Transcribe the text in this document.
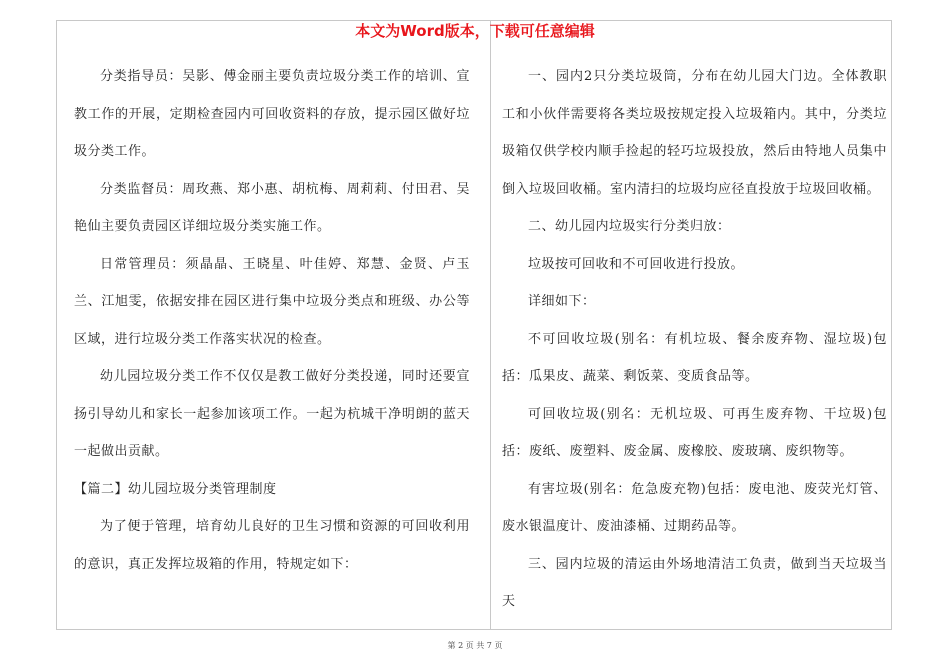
本文为Word版本，下载可任意编辑

分类指导员：吴影、傅金丽主要负责垃圾分类工作的培训、宣教工作的开展，定期检查园内可回收资料的存放，提示园区做好垃圾分类工作。

分类监督员：周玫燕、郑小惠、胡杭梅、周莉莉、付田君、吴艳仙主要负责园区详细垃圾分类实施工作。

日常管理员：须晶晶、王晓星、叶佳婷、郑慧、金贤、卢玉兰、江旭雯，依据安排在园区进行集中垃圾分类点和班级、办公等区域，进行垃圾分类工作落实状况的检查。

幼儿园垃圾分类工作不仅仅是教工做好分类投递，同时还要宣扬引导幼儿和家长一起参加该项工作。一起为杭城干净明朗的蓝天一起做出贡献。

【篇二】幼儿园垃圾分类管理制度

为了便于管理，培育幼儿良好的卫生习惯和资源的可回收利用的意识，真正发挥垃圾箱的作用，特规定如下：

一、园内2只分类垃圾筒，分布在幼儿园大门边。全体教职工和小伙伴需要将各类垃圾按规定投入垃圾箱内。其中，分类垃圾箱仅供学校内顺手捡起的轻巧垃圾投放，然后由特地人员集中倒入垃圾回收桶。室内清扫的垃圾均应径直投放于垃圾回收桶。

二、幼儿园内垃圾实行分类归放：

垃圾按可回收和不可回收进行投放。

详细如下：

不可回收垃圾(别名：有机垃圾、餐余废弃物、湿垃圾)包括：瓜果皮、蔬菜、剩饭菜、变质食品等。

可回收垃圾(别名：无机垃圾、可再生废弃物、干垃圾)包括：废纸、废塑料、废金属、废橡胶、废玻璃、废织物等。

有害垃圾(别名：危急废充物)包括：废电池、废荧光灯管、废水银温度计、废油漆桶、过期药品等。

三、园内垃圾的清运由外场地清洁工负责，做到当天垃圾当天

第 2 页 共 7 页
